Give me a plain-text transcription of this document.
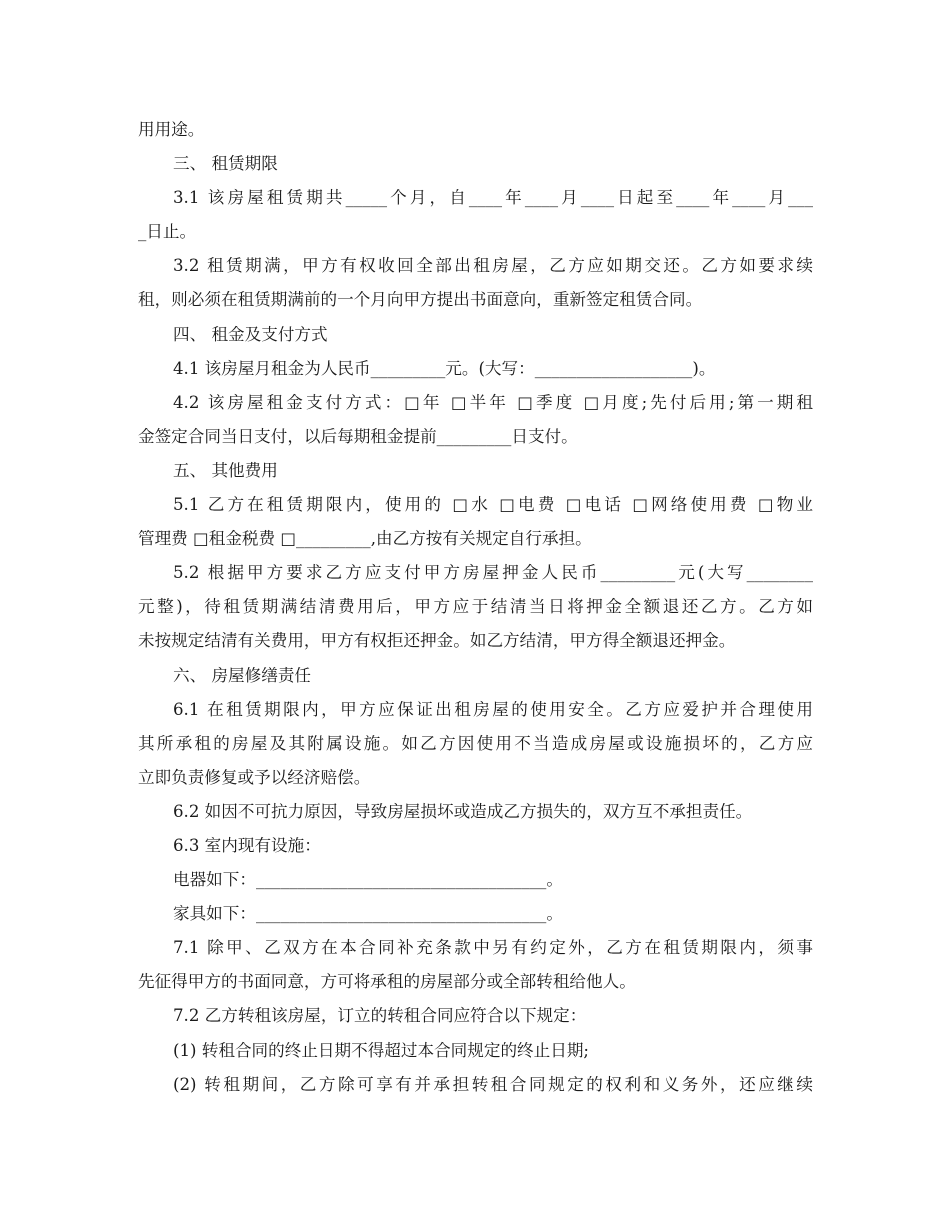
用用途。
三、 租赁期限
3.1 该房屋租赁期共_____个月，自____年____月____日起至____年____月___
_日止。
3.2 租赁期满，甲方有权收回全部出租房屋，乙方应如期交还。乙方如要求续
租，则必须在租赁期满前的一个月向甲方提出书面意向，重新签定租赁合同。
四、 租金及支付方式
4.1 该房屋月租金为人民币_________元。(大写：___________________)。
4.2 该房屋租金支付方式：□年 □半年 □季度 □月度;先付后用;第一期租
金签定合同当日支付，以后每期租金提前_________日支付。
五、 其他费用
5.1 乙方在租赁期限内，使用的 □水 □电费 □电话 □网络使用费 □物业
管理费 □租金税费 □_________,由乙方按有关规定自行承担。
5.2 根据甲方要求乙方应支付甲方房屋押金人民币_________元(大写________
元整)，待租赁期满结清费用后，甲方应于结清当日将押金全额退还乙方。乙方如
未按规定结清有关费用，甲方有权拒还押金。如乙方结清，甲方得全额退还押金。
六、 房屋修缮责任
6.1 在租赁期限内，甲方应保证出租房屋的使用安全。乙方应爱护并合理使用
其所承租的房屋及其附属设施。如乙方因使用不当造成房屋或设施损坏的，乙方应
立即负责修复或予以经济赔偿。
6.2 如因不可抗力原因，导致房屋损坏或造成乙方损失的，双方互不承担责任。
6.3 室内现有设施：
电器如下：___________________________________。
家具如下：___________________________________。
7.1 除甲、乙双方在本合同补充条款中另有约定外，乙方在租赁期限内，须事
先征得甲方的书面同意，方可将承租的房屋部分或全部转租给他人。
7.2 乙方转租该房屋，订立的转租合同应符合以下规定：
(1) 转租合同的终止日期不得超过本合同规定的终止日期;
(2) 转租期间，乙方除可享有并承担转租合同规定的权利和义务外，还应继续
